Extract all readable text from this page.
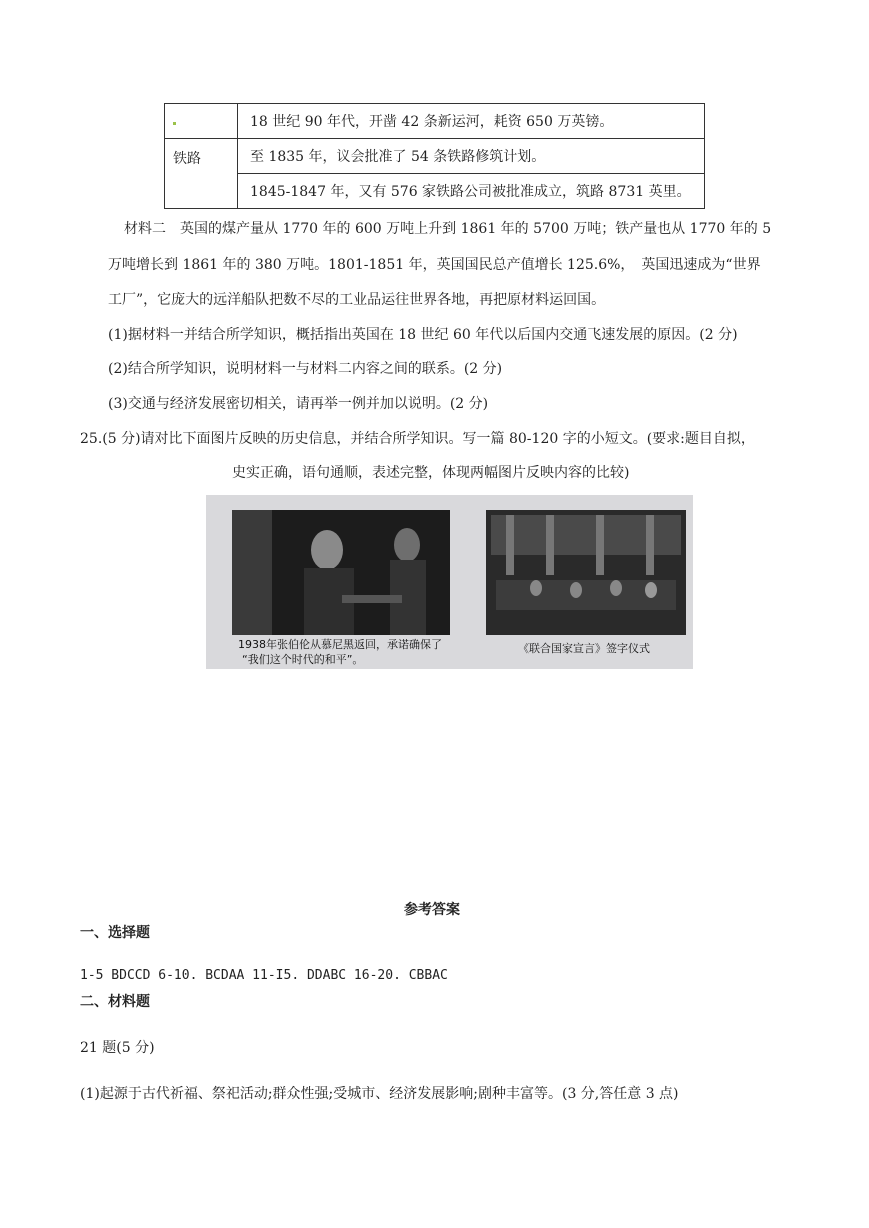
	18 世纪 90 年代，开凿 42 条新运河，耗资 650 万英镑。
铁路	至 1835 年，议会批准了 54 条铁路修筑计划。
	1845-1847 年，又有 576 家铁路公司被批准成立，筑路 8731 英里。
材料二　英国的煤产量从 1770 年的 600 万吨上升到 1861 年的 5700 万吨；铁产量也从 1770 年的 5
万吨增长到 1861 年的 380 万吨。1801-1851 年，英国国民总产值增长 125.6%，　英国迅速成为“世界
工厂”，它庞大的远洋船队把数不尽的工业品运往世界各地，再把原材料运回国。
(1)据材料一并结合所学知识，概括指出英国在 18 世纪 60 年代以后国内交通飞速发展的原因。(2 分)
(2)结合所学知识，说明材料一与材料二内容之间的联系。(2 分)
(3)交通与经济发展密切相关，请再举一例并加以说明。(2 分)
25.(5 分)请对比下面图片反映的历史信息，并结合所学知识。写一篇 80-120 字的小短文。(要求:题目自拟，
史实正确，语句通顺，表述完整，体现两幅图片反映内容的比较)
1938年张伯伦从慕尼黑返回，承诺确保了
“我们这个时代的和平”。
《联合国家宣言》签字仪式
参考答案
一、选择题
1-5 BDCCD 6-10. BCDAA 11-I5. DDABC 16-20. CBBAC
二、材料题
21 题(5 分)
(1)起源于古代祈福、祭祀活动;群众性强;受城市、经济发展影响;剧种丰富等。(3 分,答任意 3 点)
